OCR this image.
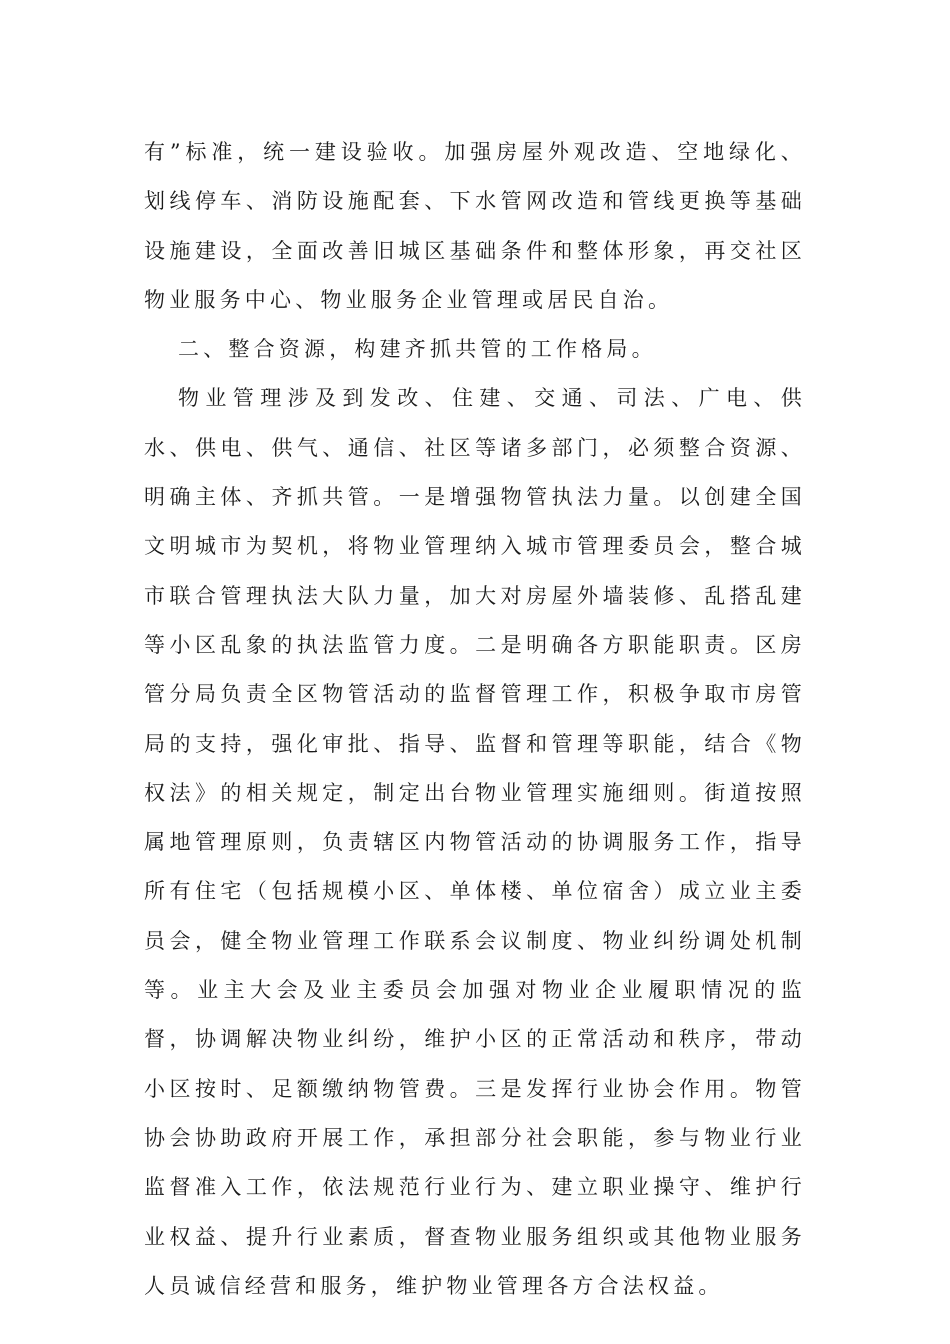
有”标准，统一建设验收。加强房屋外观改造、空地绿化、划线停车、消防设施配套、下水管网改造和管线更换等基础设施建设，全面改善旧城区基础条件和整体形象，再交社区物业服务中心、物业服务企业管理或居民自治。

二、整合资源，构建齐抓共管的工作格局。

物业管理涉及到发改、住建、交通、司法、广电、供水、供电、供气、通信、社区等诸多部门，必须整合资源、明确主体、齐抓共管。一是增强物管执法力量。以创建全国文明城市为契机，将物业管理纳入城市管理委员会，整合城市联合管理执法大队力量，加大对房屋外墙装修、乱搭乱建等小区乱象的执法监管力度。二是明确各方职能职责。区房管分局负责全区物管活动的监督管理工作，积极争取市房管局的支持，强化审批、指导、监督和管理等职能，结合《物权法》的相关规定，制定出台物业管理实施细则。街道按照属地管理原则，负责辖区内物管活动的协调服务工作，指导所有住宅（包括规模小区、单体楼、单位宿舍）成立业主委员会，健全物业管理工作联系会议制度、物业纠纷调处机制等。业主大会及业主委员会加强对物业企业履职情况的监督，协调解决物业纠纷，维护小区的正常活动和秩序，带动小区按时、足额缴纳物管费。三是发挥行业协会作用。物管协会协助政府开展工作，承担部分社会职能，参与物业行业监督准入工作，依法规范行业行为、建立职业操守、维护行业权益、提升行业素质，督查物业服务组织或其他物业服务人员诚信经营和服务，维护物业管理各方合法权益。
